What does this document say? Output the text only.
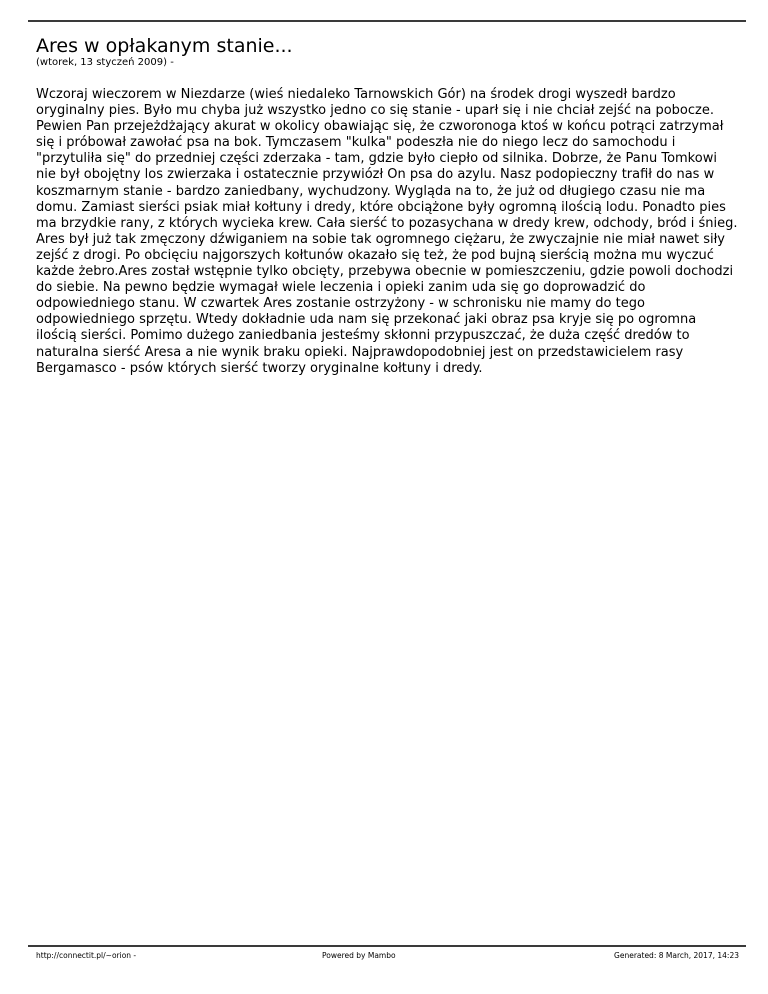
Ares w opłakanym stanie...
(wtorek, 13 styczeń 2009) -

Wczoraj wieczorem w Niezdarze (wieś niedaleko Tarnowskich Gór) na środek drogi wyszedł bardzo oryginalny pies. Było mu chyba już wszystko jedno co się stanie - uparł się i nie chciał zejść na pobocze. Pewien Pan przejeżdżający akurat w okolicy obawiając się, że czworonoga ktoś w końcu potrąci zatrzymał się i próbował zawołać psa na bok. Tymczasem "kulka" podeszła nie do niego lecz do samochodu i "przytuliła się" do przedniej części zderzaka - tam, gdzie było ciepło od silnika. Dobrze, że Panu Tomkowi nie był obojętny los zwierzaka i ostatecznie przywiózł On psa do azylu. Nasz podopieczny trafił do nas w koszmarnym stanie - bardzo zaniedbany, wychudzony. Wygląda na to, że już od długiego czasu nie ma domu. Zamiast sierści psiak miał kołtuny i dredy, które obciążone były ogromną ilością lodu. Ponadto pies ma brzydkie rany, z których wycieka krew. Cała sierść to pozasychana w dredy krew, odchody, bród i śnieg. Ares był już tak zmęczony dźwiganiem na sobie tak ogromnego ciężaru, że zwyczajnie nie miał nawet siły zejść z drogi. Po obcięciu najgorszych kołtunów okazało się też, że pod bujną sierścią można mu wyczuć każde żebro.Ares został wstępnie tylko obcięty, przebywa obecnie w pomieszczeniu, gdzie powoli dochodzi do siebie. Na pewno będzie wymagał wiele leczenia i opieki zanim uda się go doprowadzić do odpowiedniego stanu. W czwartek Ares zostanie ostrzyżony - w schronisku nie mamy do tego odpowiedniego sprzętu. Wtedy dokładnie uda nam się przekonać jaki obraz psa kryje się po ogromna ilością sierści. Pomimo dużego zaniedbania jesteśmy skłonni przypuszczać, że duża część dredów to naturalna sierść Aresa a nie wynik braku opieki. Najprawdopodobniej jest on przedstawicielem rasy Bergamasco - psów których sierść tworzy oryginalne kołtuny i dredy.

http://connectit.pl/~orion -	Powered by Mambo	Generated: 8 March, 2017, 14:23
